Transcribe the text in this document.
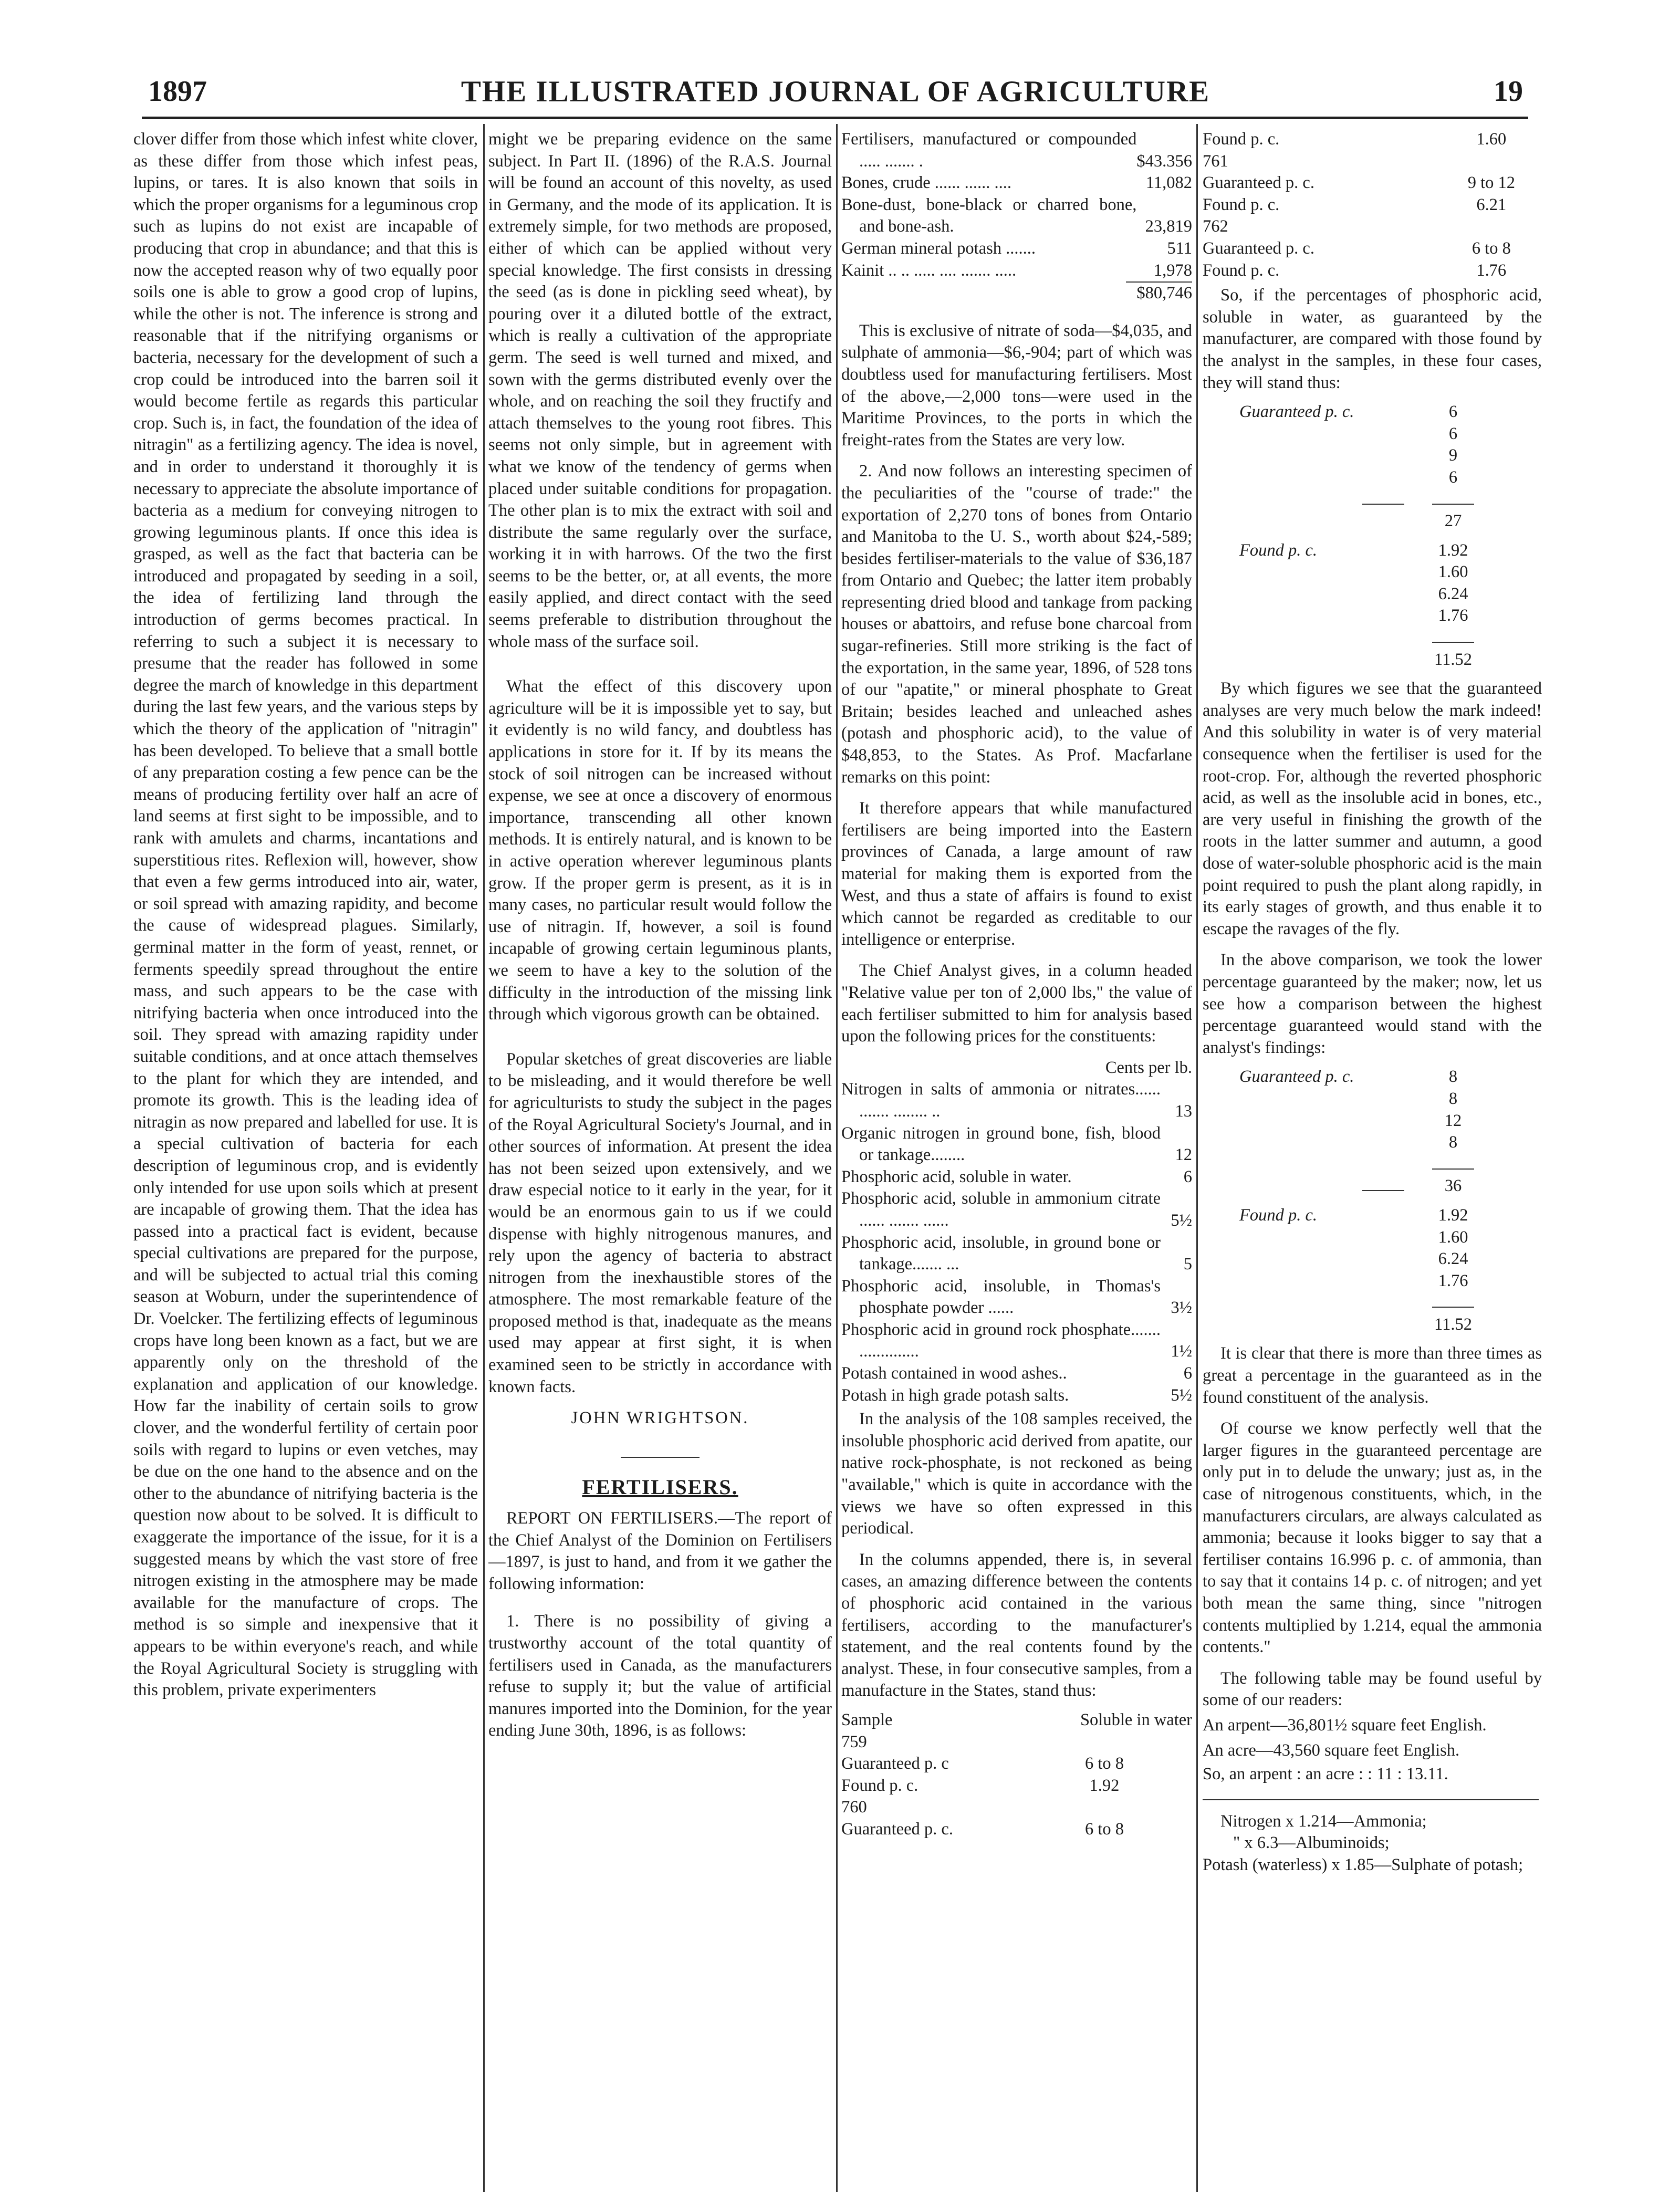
1897	THE ILLUSTRATED JOURNAL OF AGRICULTURE	19

clover differ from those which infest white clover, as these differ from those which infest peas, lupins, or tares. It is also known that soils in which the proper organisms for a leguminous crop such as lupins do not exist are incapable of producing that crop in abundance; and that this is now the accepted reason why of two equally poor soils one is able to grow a good crop of lupins, while the other is not. The inference is strong and reasonable that if the nitrifying organisms or bacteria, necessary for the development of such a crop could be introduced into the barren soil it would become fertile as regards this particular crop. Such is, in fact, the foundation of the idea of nitragin" as a fertilizing agency. The idea is novel, and in order to understand it thoroughly it is necessary to appreciate the absolute importance of bacteria as a medium for conveying nitrogen to growing leguminous plants. If once this idea is grasped, as well as the fact that bacteria can be introduced and propagated by seeding in a soil, the idea of fertilizing land through the introduction of germs becomes practical. In referring to such a subject it is necessary to presume that the reader has followed in some degree the march of knowledge in this department during the last few years, and the various steps by which the theory of the application of "nitragin" has been developed. To believe that a small bottle of any preparation costing a few pence can be the means of producing fertility over half an acre of land seems at first sight to be impossible, and to rank with amulets and charms, incantations and superstitious rites. Reflexion will, however, show that even a few germs introduced into air, water, or soil spread with amazing rapidity, and become the cause of widespread plagues. Similarly, germinal matter in the form of yeast, rennet, or ferments speedily spread throughout the entire mass, and such appears to be the case with nitrifying bacteria when once introduced into the soil. They spread with amazing rapidity under suitable conditions, and at once attach themselves to the plant for which they are intended, and promote its growth. This is the leading idea of nitragin as now prepared and labelled for use. It is a special cultivation of bacteria for each description of leguminous crop, and is evidently only intended for use upon soils which at present are incapable of growing them. That the idea has passed into a practical fact is evident, because special cultivations are prepared for the purpose, and will be subjected to actual trial this coming season at Woburn, under the superintendence of Dr. Voelcker. The fertilizing effects of leguminous crops have long been known as a fact, but we are apparently only on the threshold of the explanation and application of our knowledge. How far the inability of certain soils to grow clover, and the wonderful fertility of certain poor soils with regard to lupins or even vetches, may be due on the one hand to the absence and on the other to the abundance of nitrifying bacteria is the question now about to be solved. It is difficult to exaggerate the importance of the issue, for it is a suggested means by which the vast store of free nitrogen existing in the atmosphere may be made available for the manufacture of crops. The method is so simple and inexpensive that it appears to be within everyone's reach, and while the Royal Agricultural Society is struggling with this problem, private experimenters

might we be preparing evidence on the same subject. In Part II. (1896) of the R.A.S. Journal will be found an account of this novelty, as used in Germany, and the mode of its application. It is extremely simple, for two methods are proposed, either of which can be applied without very special knowledge. The first consists in dressing the seed (as is done in pickling seed wheat), by pouring over it a diluted bottle of the extract, which is really a cultivation of the appropriate germ. The seed is well turned and mixed, and sown with the germs distributed evenly over the whole, and on reaching the soil they fructify and attach themselves to the young root fibres. This seems not only simple, but in agreement with what we know of the tendency of germs when placed under suitable conditions for propagation. The other plan is to mix the extract with soil and distribute the same regularly over the surface, working it in with harrows. Of the two the first seems to be the better, or, at all events, the more easily applied, and direct contact with the seed seems preferable to distribution throughout the whole mass of the surface soil.

What the effect of this discovery upon agriculture will be it is impossible yet to say, but it evidently is no wild fancy, and doubtless has applications in store for it. If by its means the stock of soil nitrogen can be increased without expense, we see at once a discovery of enormous importance, transcending all other known methods. It is entirely natural, and is known to be in active operation wherever leguminous plants grow. If the proper germ is present, as it is in many cases, no particular result would follow the use of nitragin. If, however, a soil is found incapable of growing certain leguminous plants, we seem to have a key to the solution of the difficulty in the introduction of the missing link through which vigorous growth can be obtained.

Popular sketches of great discoveries are liable to be misleading, and it would therefore be well for agriculturists to study the subject in the pages of the Royal Agricultural Society's Journal, and in other sources of information. At present the idea has not been seized upon extensively, and we draw especial notice to it early in the year, for it would be an enormous gain to us if we could dispense with highly nitrogenous manures, and rely upon the agency of bacteria to abstract nitrogen from the inexhaustible stores of the atmosphere. The most remarkable feature of the proposed method is that, inadequate as the means used may appear at first sight, it is when examined seen to be strictly in accordance with known facts.

JOHN WRIGHTSON.

FERTILISERS.

REPORT ON FERTILISERS.—The report of the Chief Analyst of the Dominion on Fertilisers—1897, is just to hand, and from it we gather the following information:

1. There is no possibility of giving a trustworthy account of the total quantity of fertilisers used in Canada, as the manufacturers refuse to supply it; but the value of artificial manures imported into the Dominion, for the year ending June 30th, 1896, is as follows:

Fertilisers, manufactured or compounded ..... ....... .	$43.356
Bones, crude ...... ...... ....	11,082
Bone-dust, bone-black or charred bone, and bone-ash.	23,819
German mineral potash .......	511
Kainit .. .. ..... .... ....... .....	1,978
$80,746

This is exclusive of nitrate of soda—$4,035, and sulphate of ammonia—$6,-904; part of which was doubtless used for manufacturing fertilisers. Most of the above,—2,000 tons—were used in the Maritime Provinces, to the ports in which the freight-rates from the States are very low.

2. And now follows an interesting specimen of the peculiarities of the "course of trade:" the exportation of 2,270 tons of bones from Ontario and Manitoba to the U. S., worth about $24,-589; besides fertiliser-materials to the value of $36,187 from Ontario and Quebec; the latter item probably representing dried blood and tankage from packing houses or abattoirs, and refuse bone charcoal from sugar-refineries. Still more striking is the fact of the exportation, in the same year, 1896, of 528 tons of our "apatite," or mineral phosphate to Great Britain; besides leached and unleached ashes (potash and phosphoric acid), to the value of $48,853, to the States. As Prof. Macfarlane remarks on this point:

It therefore appears that while manufactured fertilisers are being imported into the Eastern provinces of Canada, a large amount of raw material for making them is exported from the West, and thus a state of affairs is found to exist which cannot be regarded as creditable to our intelligence or enterprise.

The Chief Analyst gives, in a column headed "Relative value per ton of 2,000 lbs," the value of each fertiliser submitted to him for analysis based upon the following prices for the constituents:

Cents per lb.
Nitrogen in salts of ammonia or nitrates...... ....... ........ ..	13
Organic nitrogen in ground bone, fish, blood or tankage........	12
Phosphoric acid, soluble in water.	6
Phosphoric acid, soluble in ammonium citrate ...... ....... ......	5½
Phosphoric acid, insoluble, in ground bone or tankage....... ...	5
Phosphoric acid, insoluble, in Thomas's phosphate powder ......	3½
Phosphoric acid in ground rock phosphate....... ..............	1½
Potash contained in wood ashes..	6
Potash in high grade potash salts.	5½

In the analysis of the 108 samples received, the insoluble phosphoric acid derived from apatite, our native rock-phosphate, is not reckoned as being "available," which is quite in accordance with the views we have so often expressed in this periodical.

In the columns appended, there is, in several cases, an amazing difference between the contents of phosphoric acid contained in the various fertilisers, according to the manufacturer's statement, and the real contents found by the analyst. These, in four consecutive samples, from a manufacture in the States, stand thus:

Sample	Soluble in water
759	
Guaranteed p. c	6 to 8
Found p. c.	1.92
760	
Guaranteed p. c.	6 to 8
Found p. c.	1.60
761	
Guaranteed p. c.	9 to 12
Found p. c.	6.21
762	
Guaranteed p. c.	6 to 8
Found p. c.	1.76

So, if the percentages of phosphoric acid, soluble in water, as guaranteed by the manufacturer, are compared with those found by the analyst in the samples, in these four cases, they will stand thus:

Guaranteed p. c.	6
	6
	9
	6

	27
Found p. c.	1.92
	1.60
	6.24
	1.76

	11.52

By which figures we see that the guaranteed analyses are very much below the mark indeed! And this solubility in water is of very material consequence when the fertiliser is used for the root-crop. For, although the reverted phosphoric acid, as well as the insoluble acid in bones, etc., are very useful in finishing the growth of the roots in the latter summer and autumn, a good dose of water-soluble phosphoric acid is the main point required to push the plant along rapidly, in its early stages of growth, and thus enable it to escape the ravages of the fly.

In the above comparison, we took the lower percentage guaranteed by the maker; now, let us see how a comparison between the highest percentage guaranteed would stand with the analyst's findings:

Guaranteed p. c.	8
	8
	12
	8

	36
Found p. c.	1.92
	1.60
	6.24
	1.76

	11.52

It is clear that there is more than three times as great a percentage in the guaranteed as in the found constituent of the analysis.

Of course we know perfectly well that the larger figures in the guaranteed percentage are only put in to delude the unwary; just as, in the case of nitrogenous constituents, which, in the manufacturers circulars, are always calculated as ammonia; because it looks bigger to say that a fertiliser contains 16.996 p. c. of ammonia, than to say that it contains 14 p. c. of nitrogen; and yet both mean the same thing, since "nitrogen contents multiplied by 1.214, equal the ammonia contents."

The following table may be found useful by some of our readers:

An arpent—36,801½ square feet English.

An acre—43,560 square feet English.

So, an arpent : an acre : : 11 : 13.11.

Nitrogen x 1.214—Ammonia;

" x 6.3—Albuminoids;

Potash (waterless) x 1.85—Sulphate of potash;
